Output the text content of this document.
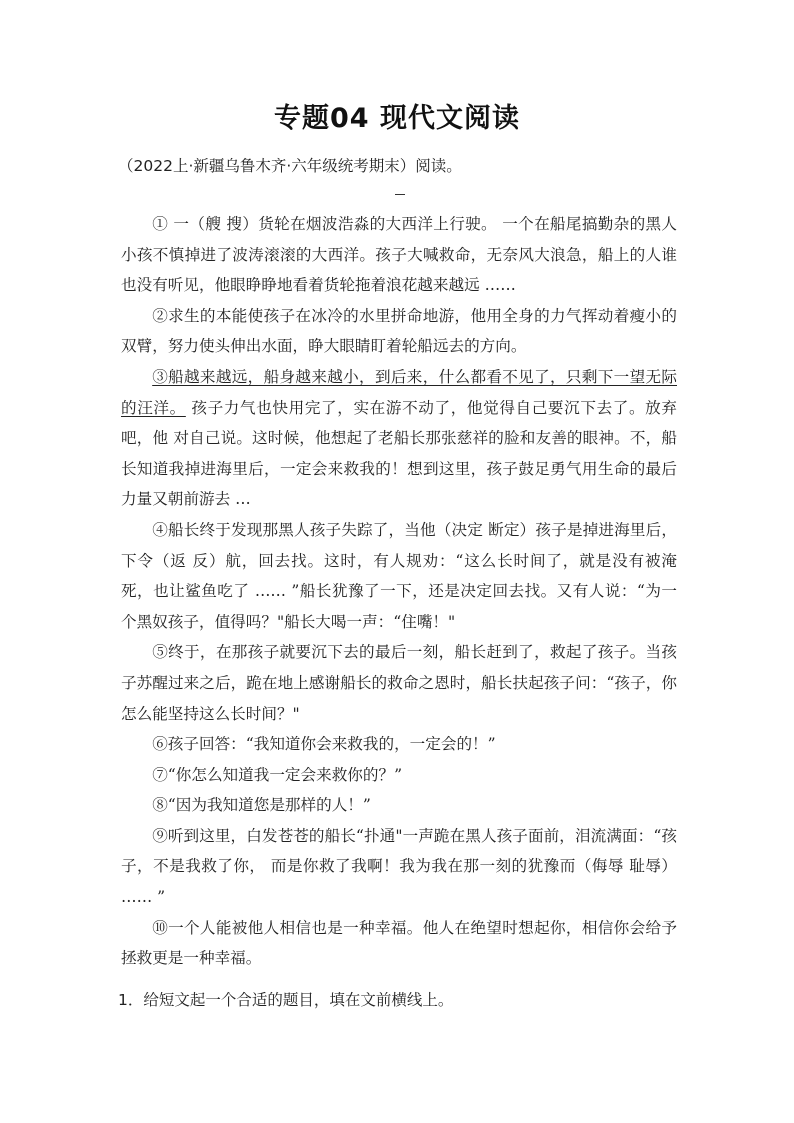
专题04 现代文阅读
（2022上·新疆乌鲁木齐·六年级统考期末）阅读。

① 一（艘 搜）货轮在烟波浩淼的大西洋上行驶。 一个在船尾搞勤杂的黑人 小孩不慎掉进了波涛滚滚的大西洋。孩子大喊救命，无奈风大浪急，船上的人谁也没有听见，他眼睁睁地看着货轮拖着浪花越来越远 ……

②求生的本能使孩子在冰冷的水里拼命地游，他用全身的力气挥动着瘦小的双臂，努力使头伸出水面，睁大眼睛盯着轮船远去的方向。

③船越来越远，船身越来越小，到后来，什么都看不见了，只剩下一望无际的汪洋。 孩子力气也快用完了，实在游不动了，他觉得自己要沉下去了。放弃吧，他 对自己说。这时候，他想起了老船长那张慈祥的脸和友善的眼神。不，船长知道我掉进海里后，一定会来救我的！想到这里，孩子鼓足勇气用生命的最后力量又朝前游去 …

④船长终于发现那黑人孩子失踪了，当他（决定 断定）孩子是掉进海里后，下令（返 反）航，回去找。这时，有人规劝：“这么长时间了，就是没有被淹死，也让鲨鱼吃了 …… ”船长犹豫了一下，还是决定回去找。又有人说：“为一个黑奴孩子，值得吗？"船长大喝一声：“住嘴！"

⑤终于，在那孩子就要沉下去的最后一刻，船长赶到了，救起了孩子。当孩子苏醒过来之后，跪在地上感谢船长的救命之恩时，船长扶起孩子问：“孩子，你怎么能坚持这么长时间？"

⑥孩子回答：“我知道你会来救我的，一定会的！”

⑦“你怎么知道我一定会来救你的？”

⑧“因为我知道您是那样的人！”

⑨听到这里，白发苍苍的船长“扑通"一声跪在黑人孩子面前，泪流满面：“孩子，不是我救了你， 而是你救了我啊！我为我在那一刻的犹豫而（侮辱 耻辱） …… ”

⑩一个人能被他人相信也是一种幸福。他人在绝望时想起你，相信你会给予拯救更是一种幸福。

1．给短文起一个合适的题目，填在文前横线上。
